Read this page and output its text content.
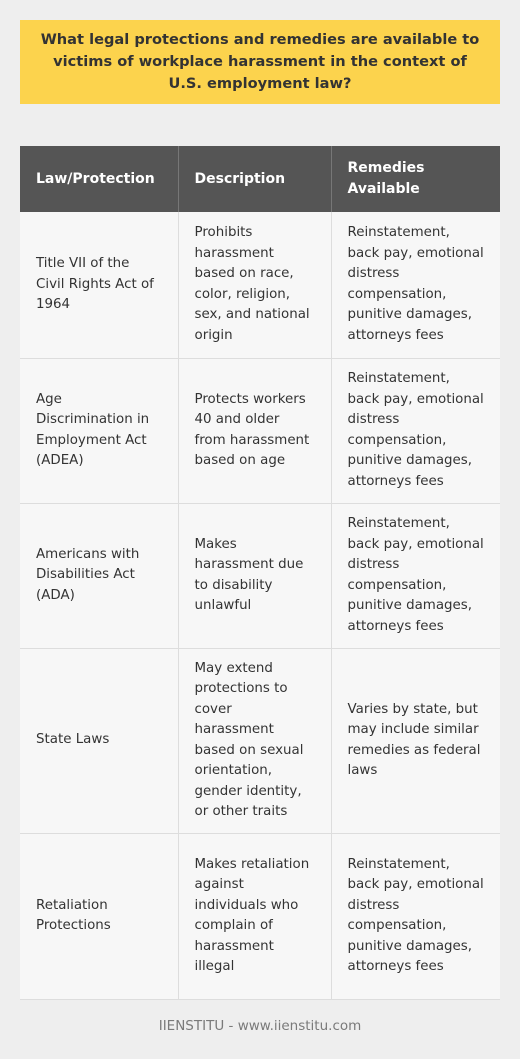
What legal protections and remedies are available to victims of workplace harassment in the context of U.S. employment law?
Law/Protection	Description	Remedies Available
Title VII of the Civil Rights Act of 1964	Prohibits harassment based on race, color, religion, sex, and national origin	Reinstatement, back pay, emotional distress compensation, punitive damages, attorneys fees
Age Discrimination in Employment Act (ADEA)	Protects workers 40 and older from harassment based on age	Reinstatement, back pay, emotional distress compensation, punitive damages, attorneys fees
Americans with Disabilities Act (ADA)	Makes harassment due to disability unlawful	Reinstatement, back pay, emotional distress compensation, punitive damages, attorneys fees
State Laws	May extend protections to cover harassment based on sexual orientation, gender identity, or other traits	Varies by state, but may include similar remedies as federal laws
Retaliation Protections	Makes retaliation against individuals who complain of harassment illegal	Reinstatement, back pay, emotional distress compensation, punitive damages, attorneys fees
IIENSTITU - www.iienstitu.com
